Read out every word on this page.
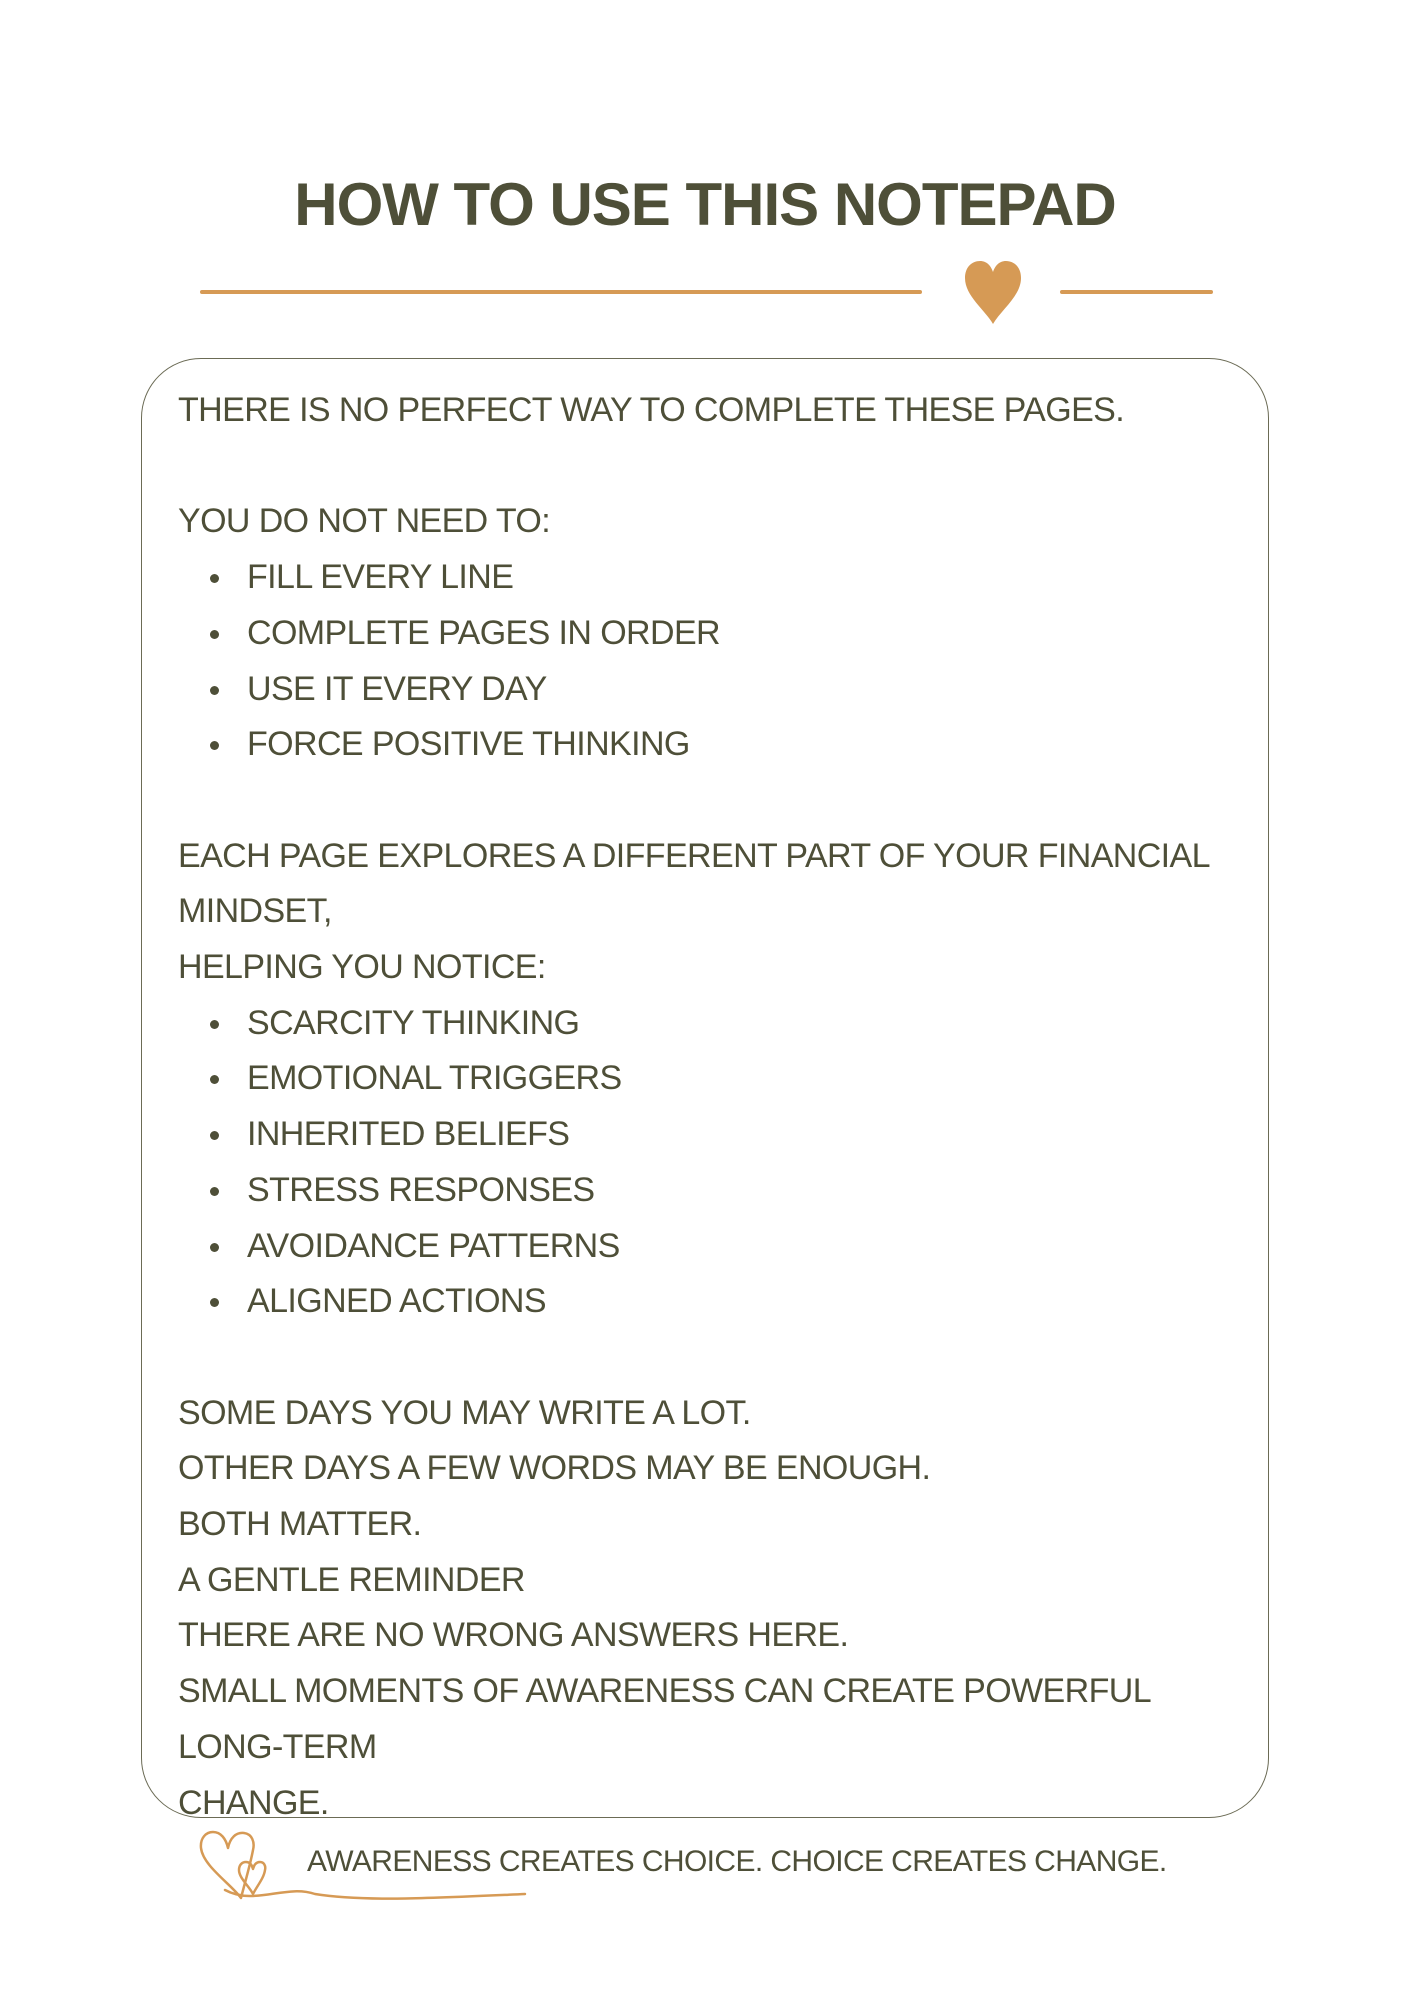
HOW TO USE THIS NOTEPAD

THERE IS NO PERFECT WAY TO COMPLETE THESE PAGES.

YOU DO NOT NEED TO:

FILL EVERY LINE
COMPLETE PAGES IN ORDER
USE IT EVERY DAY
FORCE POSITIVE THINKING

EACH PAGE EXPLORES A DIFFERENT PART OF YOUR FINANCIAL MINDSET,

HELPING YOU NOTICE:

SCARCITY THINKING
EMOTIONAL TRIGGERS
INHERITED BELIEFS
STRESS RESPONSES
AVOIDANCE PATTERNS
ALIGNED ACTIONS

SOME DAYS YOU MAY WRITE A LOT.

OTHER DAYS A FEW WORDS MAY BE ENOUGH.

BOTH MATTER.

A GENTLE REMINDER

THERE ARE NO WRONG ANSWERS HERE.

SMALL MOMENTS OF AWARENESS CAN CREATE POWERFUL LONG-TERM

CHANGE.

AWARENESS CREATES CHOICE. CHOICE CREATES CHANGE.
